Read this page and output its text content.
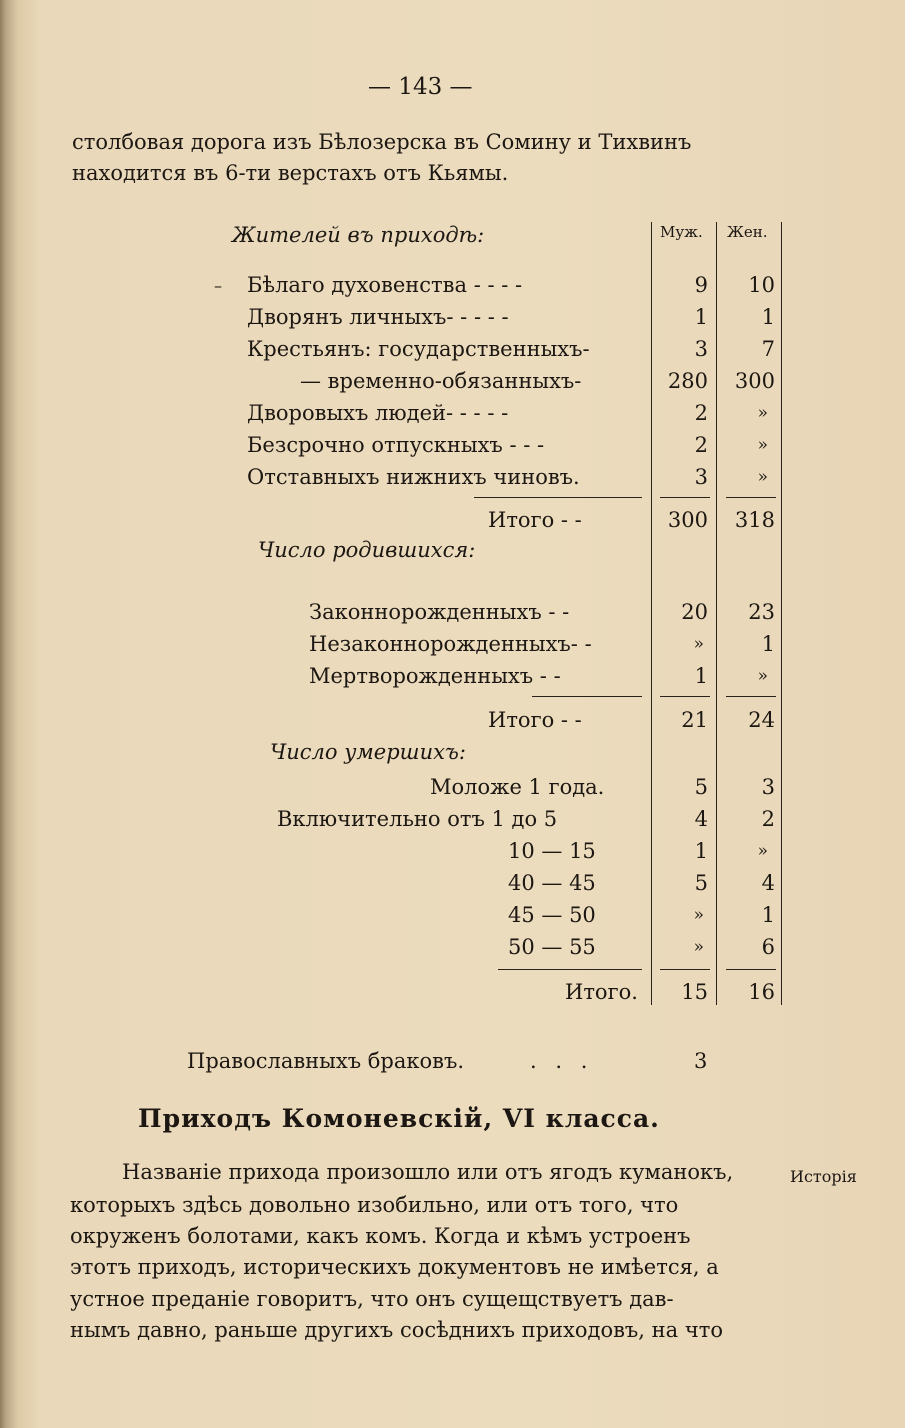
— 143 —
столбовая дорога изъ Бѣлозерска въ Сомину и Тихвинъ
находится въ 6-ти верстахъ отъ Кьямы.
Муж. Жен.
Жителей въ приходѣ:
– Бѣлаго духовенства - - - -	9 10
Дворянъ личныхъ- - - - -	1	1
Крестьянъ: государственныхъ-	3	7
— временно-обязанныхъ-	280 300
Дворовыхъ людей- - - - -	2	»
Безсрочно отпускныхъ - - -	2	»
Отставныхъ нижнихъ чиновъ.	3	»
Итого - -	300 318
Число родившихся:
Законнорожденныхъ - -	20 23
Незаконнорожденныхъ- -	»	1
Мертворожденныхъ - -	1	»
Итого - -	21 24
Число умершихъ:
Моложе 1 года.	5	3
Включительно отъ 1 до 5	4	2
10 — 15	1	»
40 — 45	5	4
45 — 50	»	1
50 — 55	»	6
Итого. 15 16
Православныхъ браковъ.	. . .	3
Приходъ Комоневскій, VI класса.
Названіе прихода произошло или отъ ягодъ куманокъ,
которыхъ здѣсь довольно изобильно, или отъ того, что
окруженъ болотами, какъ комъ. Когда и кѣмъ устроенъ
этотъ приходъ, историческихъ документовъ не имѣется, а
устное преданіе говоритъ, что онъ сущещствуетъ дав-
нымъ давно, раньше другихъ сосѣднихъ приходовъ, на что
Исторія
